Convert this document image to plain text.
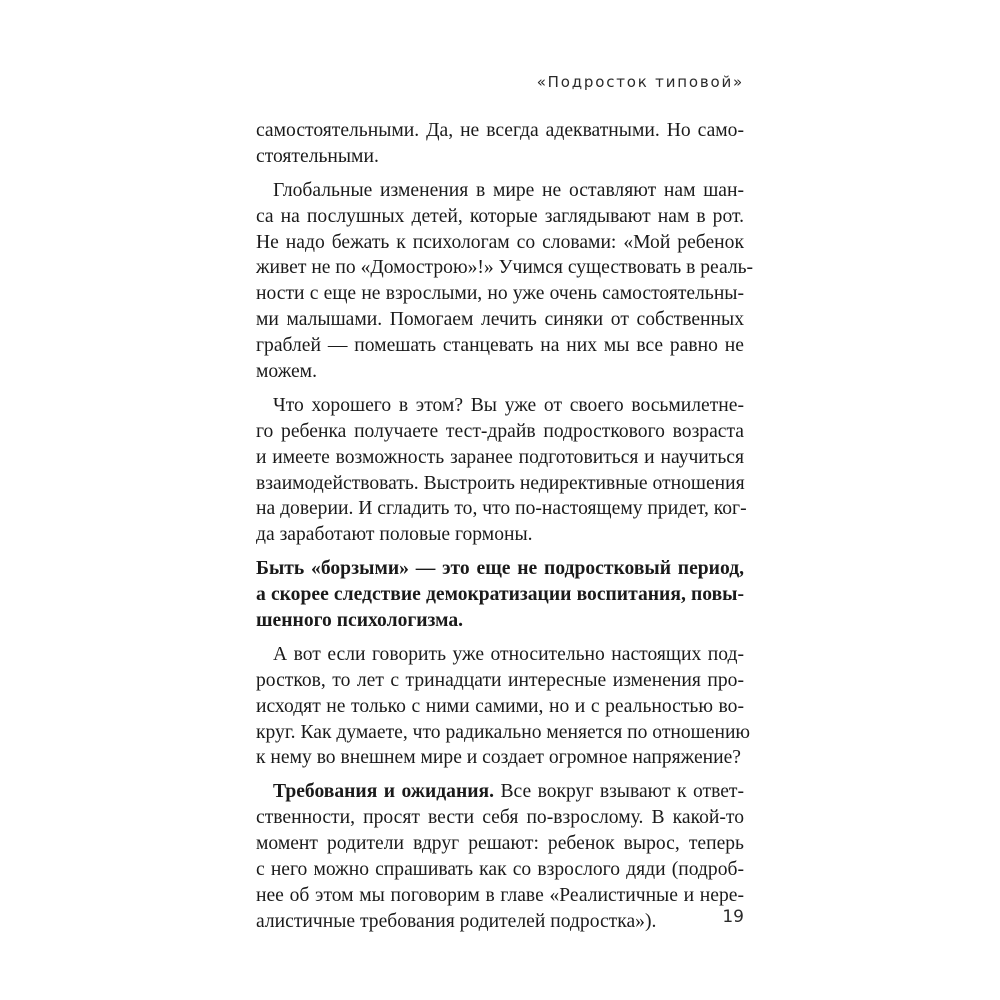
«Подросток типовой»
самостоятельными. Да, не всегда адекватными. Но само-
стоятельными.
Глобальные изменения в мире не оставляют нам шан-
са на послушных детей, которые заглядывают нам в рот.
Не надо бежать к психологам со словами: «Мой ребенок
живет не по «Домострою»!» Учимся существовать в реаль-
ности с еще не взрослыми, но уже очень самостоятельны-
ми малышами. Помогаем лечить синяки от собственных
граблей — помешать станцевать на них мы все равно не
можем.
Что хорошего в этом? Вы уже от своего восьмилетне-
го ребенка получаете тест-драйв подросткового возраста
и имеете возможность заранее подготовиться и научиться
взаимодействовать. Выстроить недирективные отношения
на доверии. И сгладить то, что по-настоящему придет, ког-
да заработают половые гормоны.
Быть «борзыми» — это еще не подростковый период,
а скорее следствие демократизации воспитания, повы-
шенного психологизма.
А вот если говорить уже относительно настоящих под-
ростков, то лет с тринадцати интересные изменения про-
исходят не только с ними самими, но и с реальностью во-
круг. Как думаете, что радикально меняется по отношению
к нему во внешнем мире и создает огромное напряжение?
Требования и ожидания. Все вокруг взывают к ответ-
ственности, просят вести себя по-взрослому. В какой-то
момент родители вдруг решают: ребенок вырос, теперь
с него можно спрашивать как со взрослого дяди (подроб-
нее об этом мы поговорим в главе «Реалистичные и нере-
алистичные требования родителей подростка»).	19
